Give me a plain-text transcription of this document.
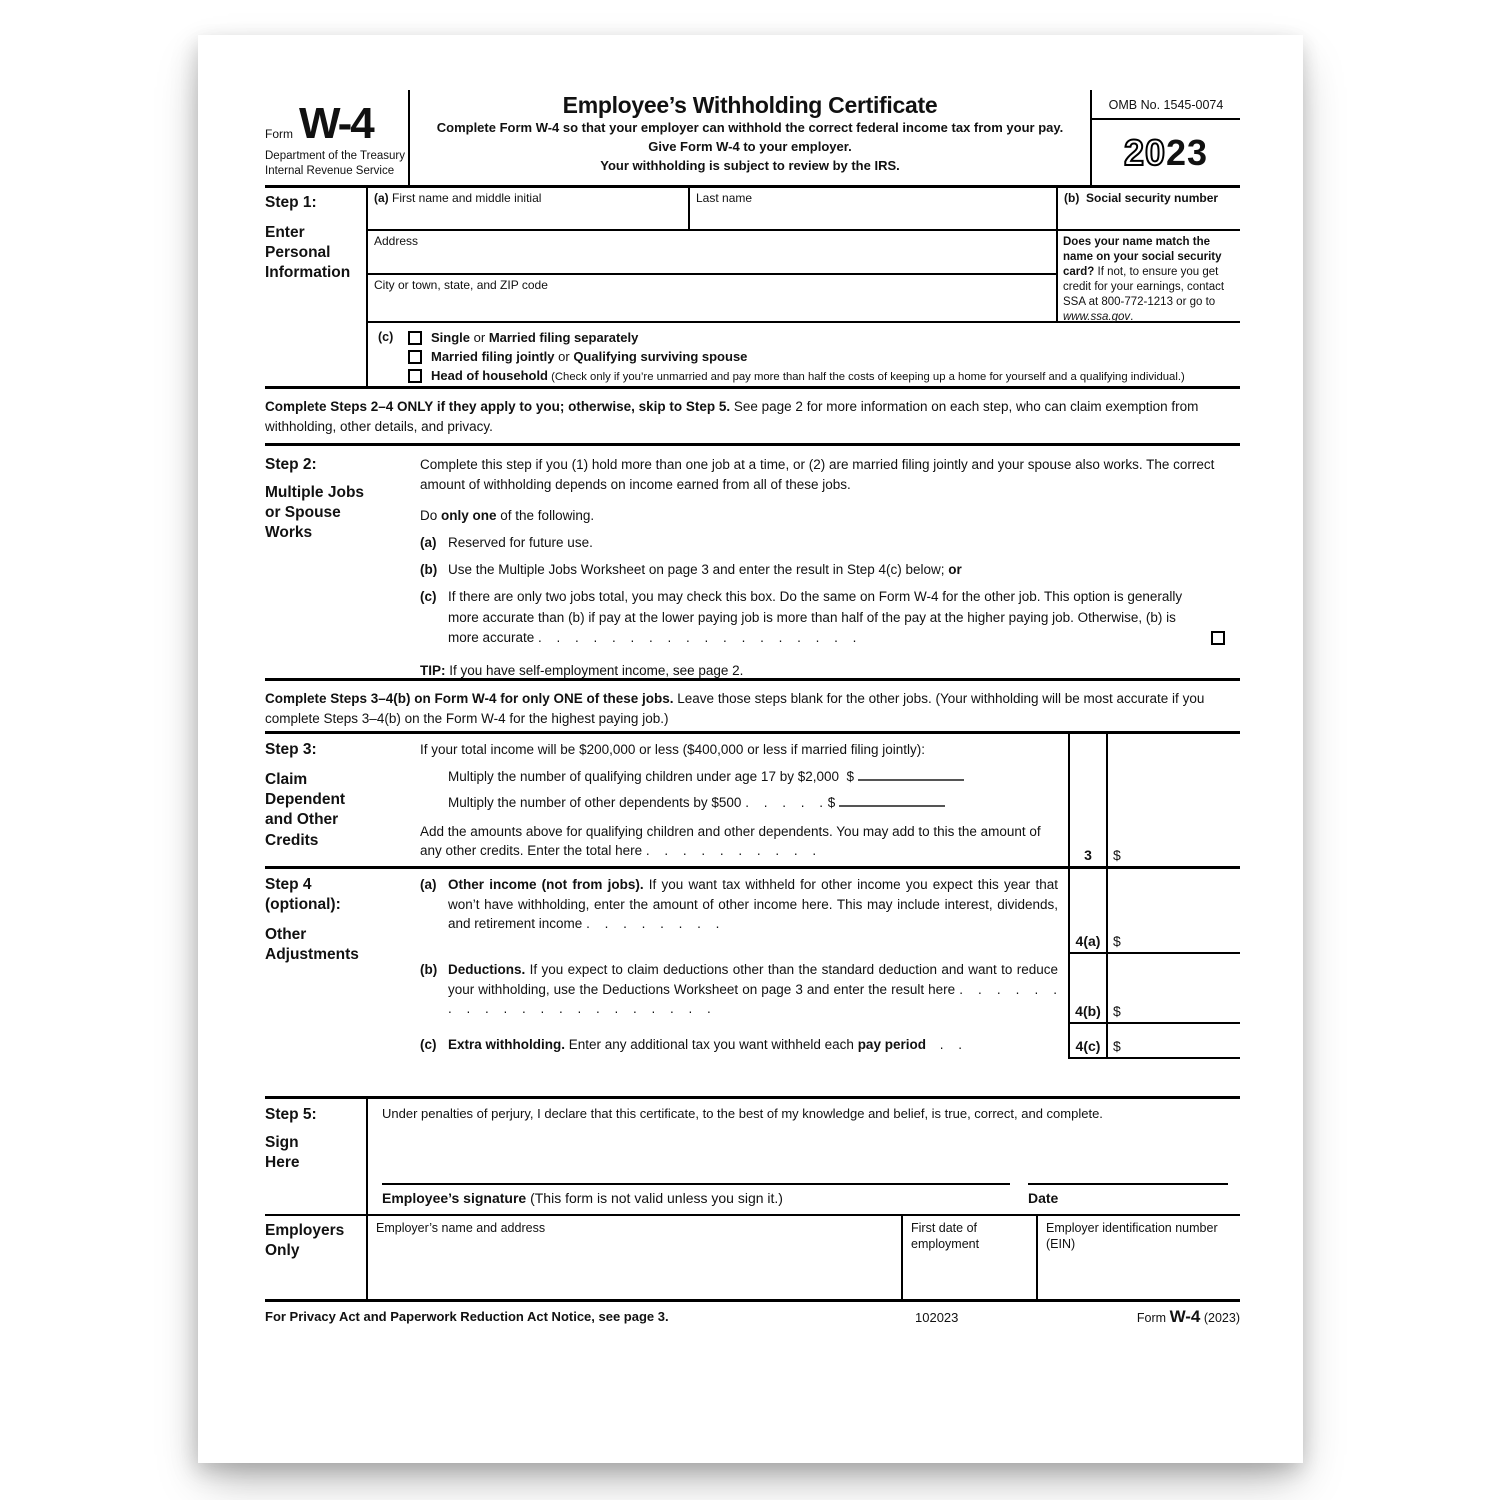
Form W-4
Department of the Treasury
Internal Revenue Service
Employee’s Withholding Certificate
Complete Form W-4 so that your employer can withhold the correct federal income tax from your pay.
Give Form W-4 to your employer.
Your withholding is subject to review by the IRS.
OMB No. 1545-0074
20 23
Step 1:
Enter Personal Information
(a) First name and middle initial	Last name	(b) Social security number
Address
City or town, state, and ZIP code
Does your name match the name on your social security card? If not, to ensure you get credit for your earnings, contact SSA at 800-772-1213 or go to www.ssa.gov.
(c)	Single or Married filing separately
Married filing jointly or Qualifying surviving spouse
Head of household (Check only if you’re unmarried and pay more than half the costs of keeping up a home for yourself and a qualifying individual.)
Complete Steps 2–4 ONLY if they apply to you; otherwise, skip to Step 5. See page 2 for more information on each step, who can claim exemption from withholding, other details, and privacy.
Step 2:
Multiple Jobs or Spouse Works
Complete this step if you (1) hold more than one job at a time, or (2) are married filing jointly and your spouse also works. The correct amount of withholding depends on income earned from all of these jobs.
Do only one of the following.
(a) Reserved for future use.
(b) Use the Multiple Jobs Worksheet on page 3 and enter the result in Step 4(c) below; or
(c) If there are only two jobs total, you may check this box. Do the same on Form W-4 for the other job. This option is generally more accurate than (b) if pay at the lower paying job is more than half of the pay at the higher paying job. Otherwise, (b) is more accurate . . . . . . . . . . . . . . . . . .
TIP: If you have self-employment income, see page 2.
Complete Steps 3–4(b) on Form W-4 for only ONE of these jobs. Leave those steps blank for the other jobs. (Your withholding will be most accurate if you complete Steps 3–4(b) on the Form W-4 for the highest paying job.)
Step 3:
Claim Dependent and Other Credits
If your total income will be $200,000 or less ($400,000 or less if married filing jointly):
Multiply the number of qualifying children under age 17 by $2,000 $
Multiply the number of other dependents by $500 . . . . . $
Add the amounts above for qualifying children and other dependents. You may add to this the amount of any other credits. Enter the total here . . . . . . . . . .	3 $
Step 4
(optional):
Other Adjustments
(a) Other income (not from jobs). If you want tax withheld for other income you expect this year that won’t have withholding, enter the amount of other income here. This may include interest, dividends, and retirement income . . . . . . . .
4(a) $
(b) Deductions. If you expect to claim deductions other than the standard deduction and want to reduce your withholding, use the Deductions Worksheet on page 3 and enter the result here . . . . . . . . . . . . . . . . . . . . .	4(b) $
(c) Extra withholding. Enter any additional tax you want withheld each pay period . .	4(c) $
Step 5:
Sign
Here
Under penalties of perjury, I declare that this certificate, to the best of my knowledge and belief, is true, correct, and complete.
Employee’s signature (This form is not valid unless you sign it.)	Date
Employers Only
Employer’s name and address	First date of employment
Employer identification number (EIN)
For Privacy Act and Paperwork Reduction Act Notice, see page 3.	102023	Form W-4 (2023)
